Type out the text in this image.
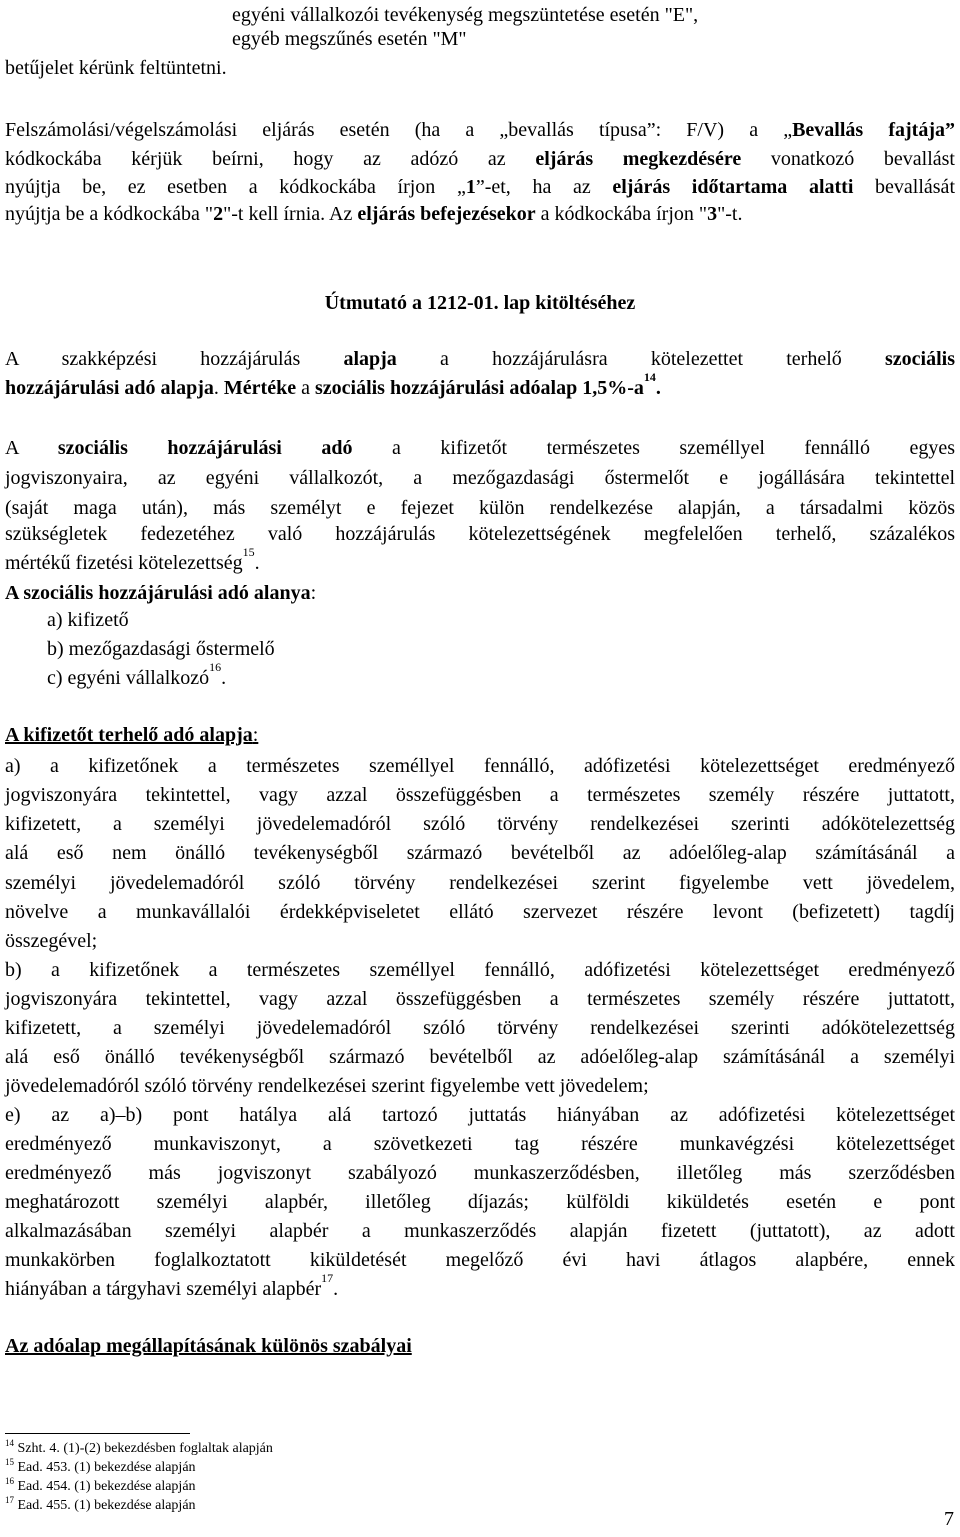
egyéni vállalkozói tevékenység megszüntetése esetén "E",
egyéb megszűnés esetén "M"
betűjelet kérünk feltüntetni.
Felszámolási/végelszámolási eljárás esetén (ha a „bevallás típusa”: F/V) a „Bevallás fajtája”
kódkockába kérjük beírni, hogy az adózó az eljárás megkezdésére vonatkozó bevallást
nyújtja be, ez esetben a kódkockába írjon „1”-et, ha az eljárás időtartama alatti bevallását
nyújtja be a kódkockába "2"-t kell írnia. Az eljárás befejezésekor a kódkockába írjon "3"-t.
Útmutató a 1212-01. lap kitöltéséhez
A szakképzési hozzájárulás alapja a hozzájárulásra kötelezettet terhelő szociális
hozzájárulási adó alapja. Mértéke a szociális hozzájárulási adóalap $1,5\%-a^{14}$.
A szociális hozzájárulási adó a kifizetőt természetes személlyel fennálló egyes
jogviszonyaira, az egyéni vállalkozót, a mezőgazdasági őstermelőt e jogállására tekintettel
(saját maga után), más személyt e fejezet külön rendelkezése alapján, a társadalmi közös
szükségletek fedezetéhez való hozzájárulás kötelezettségének megfelelően terhelő, százalékos
mértékű fizetési kötelezettség$^{15}$.
A szociális hozzájárulási adó alanya:
a) kifizető
b) mezőgazdasági őstermelő
c) egyéni vállalkozó$^{16}$.
A kifizetőt terhelő adó alapja:
a) a kifizetőnek a természetes személlyel fennálló, adófizetési kötelezettséget eredményező
jogviszonyára tekintettel, vagy azzal összefüggésben a természetes személy részére juttatott,
kifizetett, a személyi jövedelemadóról szóló törvény rendelkezései szerinti adókötelezettség
alá eső nem önálló tevékenységből származó bevételből az adóelőleg-alap számításánál a
személyi jövedelemadóról szóló törvény rendelkezései szerint figyelembe vett jövedelem,
növelve a munkavállalói érdekképviseletet ellátó szervezet részére levont (befizetett) tagdíj
összegével;
b) a kifizetőnek a természetes személlyel fennálló, adófizetési kötelezettséget eredményező
jogviszonyára tekintettel, vagy azzal összefüggésben a természetes személy részére juttatott,
kifizetett, a személyi jövedelemadóról szóló törvény rendelkezései szerinti adókötelezettség
alá eső önálló tevékenységből származó bevételből az adóelőleg-alap számításánál a személyi
jövedelemadóról szóló törvény rendelkezései szerint figyelembe vett jövedelem;
e) az a)–b) pont hatálya alá tartozó juttatás hiányában az adófizetési kötelezettséget
eredményező munkaviszonyt, a szövetkezeti tag részére munkavégzési kötelezettséget
eredményező más jogviszonyt szabályozó munkaszerződésben, illetőleg más szerződésben
meghatározott személyi alapbér, illetőleg díjazás; külföldi kiküldetés esetén e pont
alkalmazásában személyi alapbér a munkaszerződés alapján fizetett (juttatott), az adott
munkakörben foglalkoztatott kiküldetését megelőző évi havi átlagos alapbére, ennek
hiányában a tárgyhavi személyi alapbér$^{17}$.
Az adóalap megállapításának különös szabályai
$^{14}$ Szht. 4. (1)-(2) bekezdésben foglaltak alapján
$^{15}$ Ead. 453. (1) bekezdése alapján
$^{16}$ Ead. 454. (1) bekezdése alapján
$^{17}$ Ead. 455. (1) bekezdése alapján
7
